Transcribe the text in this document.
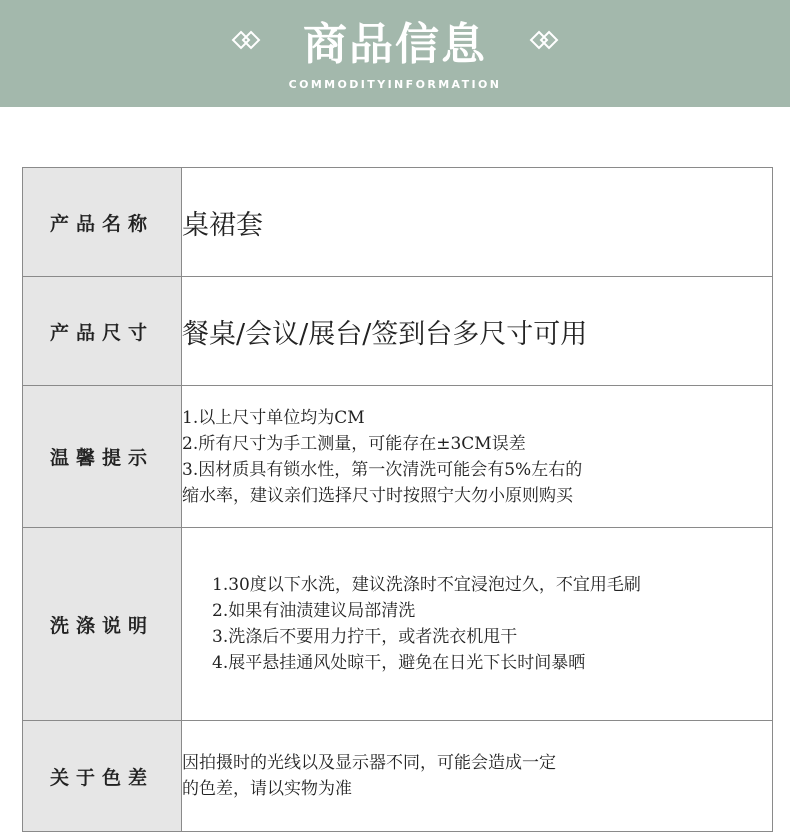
商品信息
COMMODITYINFORMATION
产品名称	桌裙套

产品尺寸	餐桌/会议/展台/签到台多尺寸可用

温馨提示	1.以上尺寸单位均为CM
2.所有尺寸为手工测量，可能存在±3CM误差
3.因材质具有锁水性，第一次清洗可能会有5%左右的
缩水率，建议亲们选择尺寸时按照宁大勿小原则购买

洗涤说明	1.30度以下水洗，建议洗涤时不宜浸泡过久，不宜用毛刷
2.如果有油渍建议局部清洗
3.洗涤后不要用力拧干，或者洗衣机甩干
4.展平悬挂通风处晾干，避免在日光下长时间暴晒

关于色差	因拍摄时的光线以及显示器不同，可能会造成一定
的色差，请以实物为准
